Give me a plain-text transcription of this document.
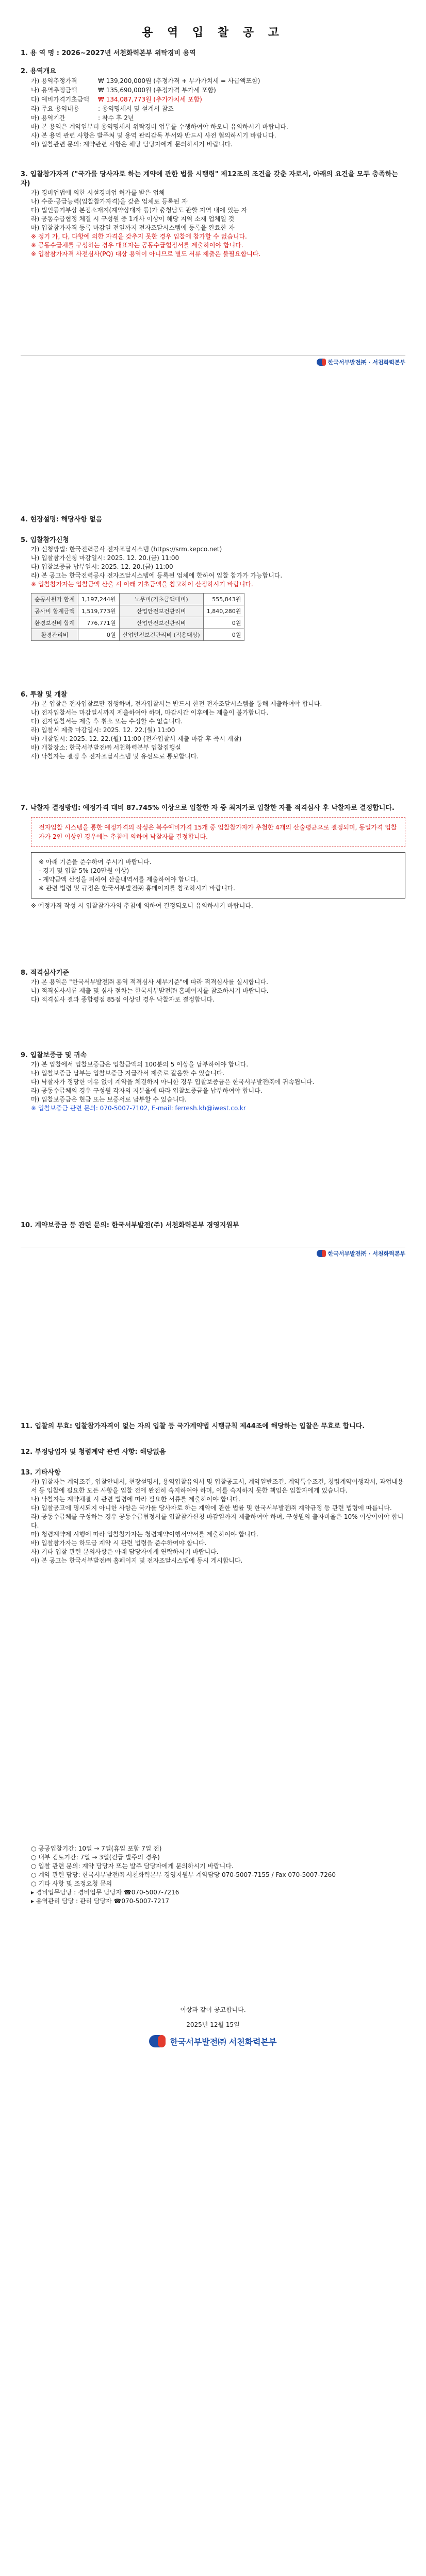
용 역 입 찰 공 고

1. 용 역 명 : 2026~2027년 서천화력본부 위탁경비 용역

2. 용역개요

가) 용역추정가격	₩ 139,200,000원 (추정가격 + 부가가치세 = 사급액포함)
나) 용역추정금액	₩ 135,690,000원 (추정가격 부가세 포함)
다) 예비가격기초금액	₩ 134,087,773원 (추가가치세 포함)
라) 주요 용역내용	: 용역명세서 및 설계서 참조
마) 용역기간	: 착수 후 2년

바) 본 용역은 계약일부터 용역명세서 위탁경비 업무를 수행하여야 하오니 유의하시기 바랍니다.

사) 본 용역 관련 사항은 발주처 및 용역 관리감독 부서와 반드시 사전 협의하시기 바랍니다.

아) 입찰관련 문의: 계약관련 사항은 해당 담당자에게 문의하시기 바랍니다.

3. 입찰참가자격 ("국가를 당사자로 하는 계약에 관한 법률 시행령" 제12조의 조건을 갖춘 자로서, 아래의 요건을 모두 충족하는 자)

가) 경비업법에 의한 시설경비업 허가를 받은 업체

나) 수준·공급능력(입찰참가자격)을 갖춘 업체로 등록된 자

다) 법인등기부상 본점소재지(계약상대자 등)가 충청남도 관할 지역 내에 있는 자

라) 공동수급협정 체결 시 구성원 중 1개사 이상이 해당 지역 소재 업체일 것

마) 입찰참가자격 등록 마감일 전일까지 전자조달시스템에 등록을 완료한 자

※ 정기 가, 다, 다항에 의한 자격을 갖추지 못한 경우 입찰에 참가할 수 없습니다.

※ 공동수급체를 구성하는 경우 대표자는 공동수급협정서를 제출하여야 합니다.

※ 입찰참가자격 사전심사(PQ) 대상 용역이 아니므로 별도 서류 제출은 불필요합니다.

한국서부발전㈜ · 서천화력본부

4. 현장설명: 해당사항 없음

5. 입찰참가신청

가) 신청방법: 한국전력공사 전자조달시스템 (https://srm.kepco.net)

나) 입찰참가신청 마감일시: 2025. 12. 20.(금) 11:00

다) 입찰보증금 납부일시: 2025. 12. 20.(금) 11:00

라) 본 공고는 한국전력공사 전자조달시스템에 등록된 업체에 한하여 입찰 참가가 가능합니다.

※ 입찰참가자는 입찰금액 산출 시 아래 기초금액을 참고하여 산정하시기 바랍니다.

순공사원가 합계	1,197,244원	노무비(기초금액대비)	555,843원
공사비 합계금액	1,519,773원	산업안전보건관리비	1,840,280원
환경보전비 합계	776,771원	산업안전보건관리비	0원
환경관리비	0원	산업안전보건관리비 (적용대상)	0원

6. 투찰 및 개찰

가) 본 입찰은 전자입찰로만 집행하며, 전자입찰서는 반드시 한전 전자조달시스템을 통해 제출하여야 합니다.

나) 전자입찰서는 마감일시까지 제출하여야 하며, 마감시간 이후에는 제출이 불가합니다.

다) 전자입찰서는 제출 후 취소 또는 수정할 수 없습니다.

라) 입찰서 제출 마감일시: 2025. 12. 22.(월) 11:00

마) 개찰일시: 2025. 12. 22.(월) 11:00 (전자입찰서 제출 마감 후 즉시 개찰)

바) 개찰장소: 한국서부발전㈜ 서천화력본부 입찰집행실

사) 낙찰자는 결정 후 전자조달시스템 및 유선으로 통보합니다.

7. 낙찰자 결정방법: 예정가격 대비 87.745% 이상으로 입찰한 자 중 최저가로 입찰한 자를 적격심사 후 낙찰자로 결정합니다.

전자입찰 시스템을 통한 예정가격의 작성은 복수예비가격 15개 중 입찰참가자가 추첨한 4개의 산술평균으로 결정되며, 동일가격 입찰자가 2인 이상인 경우에는 추첨에 의하여 낙찰자를 결정합니다.

※ 아래 기준을 준수하여 주시기 바랍니다.

- 경기 및 입찰 5% (20만원 이상)

- 계약금액 산정을 위하여 산출내역서를 제출하여야 합니다.

※ 관련 법령 및 규정은 한국서부발전㈜ 홈페이지를 참조하시기 바랍니다.

※ 예정가격 작성 시 입찰참가자의 추첨에 의하여 결정되오니 유의하시기 바랍니다.

8. 적격심사기준

가) 본 용역은 "한국서부발전㈜ 용역 적격심사 세부기준"에 따라 적격심사를 실시합니다.

나) 적격심사서류 제출 및 심사 절차는 한국서부발전㈜ 홈페이지를 참조하시기 바랍니다.

다) 적격심사 결과 종합평점 85점 이상인 경우 낙찰자로 결정합니다.

9. 입찰보증금 및 귀속

가) 본 입찰에서 입찰보증금은 입찰금액의 100분의 5 이상을 납부하여야 합니다.

나) 입찰보증금 납부는 입찰보증금 지급각서 제출로 갈음할 수 있습니다.

다) 낙찰자가 정당한 이유 없이 계약을 체결하지 아니한 경우 입찰보증금은 한국서부발전㈜에 귀속됩니다.

라) 공동수급체의 경우 구성원 각자의 지분율에 따라 입찰보증금을 납부하여야 합니다.

마) 입찰보증금은 현금 또는 보증서로 납부할 수 있습니다.

※ 입찰보증금 관련 문의: 070-5007-7102, E-mail: ferresh.kh@iwest.co.kr

10. 계약보증금 등 관련 문의: 한국서부발전(주) 서천화력본부 경영지원부

한국서부발전㈜ · 서천화력본부

11. 입찰의 무효: 입찰참가자격이 없는 자의 입찰 등 국가계약법 시행규칙 제44조에 해당하는 입찰은 무효로 합니다.

12. 부정당업자 및 청렴계약 관련 사항: 해당없음

13. 기타사항

가) 입찰자는 계약조건, 입찰안내서, 현장설명서, 용역입찰유의서 및 입찰공고서, 계약일반조건, 계약특수조건, 청렴계약이행각서, 과업내용서 등 입찰에 필요한 모든 사항을 입찰 전에 완전히 숙지하여야 하며, 이를 숙지하지 못한 책임은 입찰자에게 있습니다.

나) 낙찰자는 계약체결 시 관련 법령에 따라 필요한 서류를 제출하여야 합니다.

다) 입찰공고에 명시되지 아니한 사항은 국가를 당사자로 하는 계약에 관한 법률 및 한국서부발전㈜ 계약규정 등 관련 법령에 따릅니다.

라) 공동수급체를 구성하는 경우 공동수급협정서를 입찰참가신청 마감일까지 제출하여야 하며, 구성원의 출자비율은 10% 이상이어야 합니다.

마) 청렴계약제 시행에 따라 입찰참가자는 청렴계약이행서약서를 제출하여야 합니다.

바) 입찰참가자는 하도급 계약 시 관련 법령을 준수하여야 합니다.

사) 기타 입찰 관련 문의사항은 아래 담당자에게 연락하시기 바랍니다.

아) 본 공고는 한국서부발전㈜ 홈페이지 및 전자조달시스템에 동시 게시합니다.

○ 공공입찰기간: 10일 → 7일(휴일 포함 7일 전)

○ 내부 검토기간: 7일 → 3일(긴급 발주의 경우)

○ 입찰 관련 문의: 계약 담당자 또는 발주 담당자에게 문의하시기 바랍니다.

○ 계약 관련 담당: 한국서부발전㈜ 서천화력본부 경영지원부 계약담당 070-5007-7155 / Fax 070-5007-7260

○ 기타 사항 및 조정요청 문의

▸ 경비업무담당 : 경비업무 담당자 ☎070-5007-7216

▸ 용역관리 담당 : 관리 담당자 ☎070-5007-7217

이상과 같이 공고합니다.

2025년 12월 15일

한국서부발전㈜ 서천화력본부
